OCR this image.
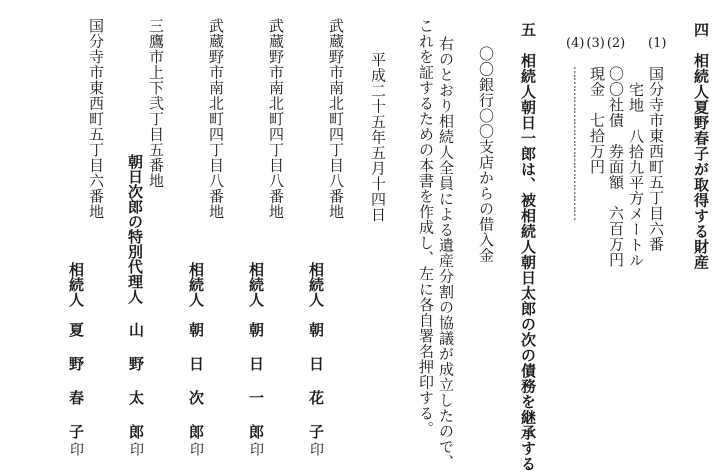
四　相続人夏野春子が取得する財産
(4) (3) (2) (1)
国分寺市東西町五丁目六番
宅地　八拾九平方メートル
〇〇社債　券面額　六百万円
現金　七拾万円
……………………………………
五　相続人朝日一郎は、被相続人朝日太郎の次の債務を継承する
〇〇銀行〇〇支店からの借入金
右のとおり相続人全員による遺産分割の協議が成立したので、
これを証するための本書を作成し、左に各自署名押印する。
平成二十五年五月十四日
武蔵野市南北町四丁目八番地
武蔵野市南北町四丁目八番地
武蔵野市南北町四丁目八番地
三鷹市上下弐丁目五番地
国分寺市東西町五丁目六番地
朝日次郎の特別代理人	相続人
相続人
相続人
相続人
朝　日　花　子
朝　日　一　郎
朝　日　次　郎
山　野　太　郎
夏　野　春　子
印
印
印
印
印
